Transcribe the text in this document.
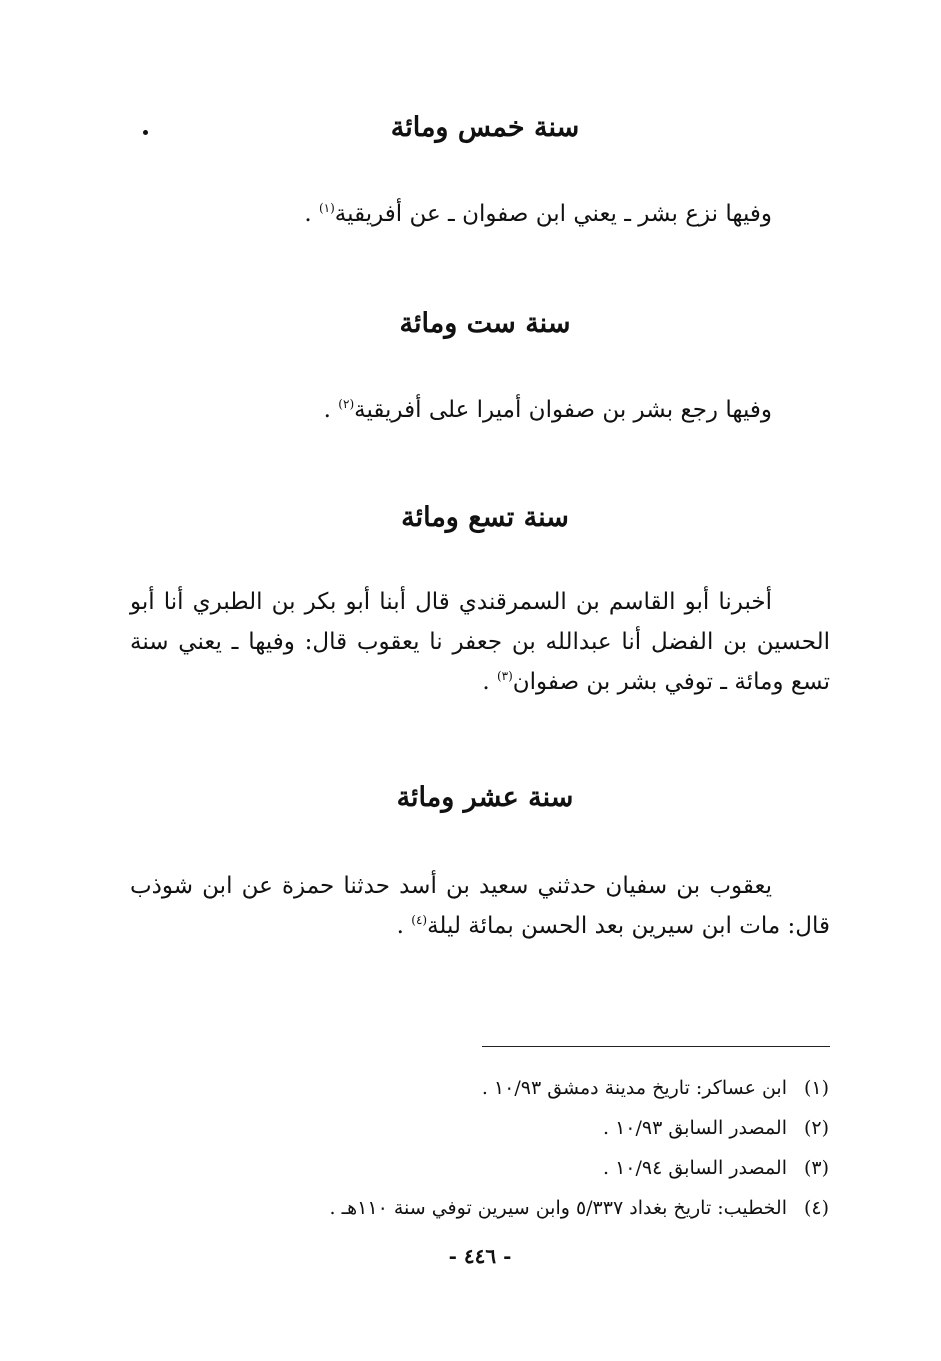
سنة خمس ومائة
وفيها نزع بشر ـ يعني ابن صفوان ـ عن أفريقية$^{(١)}$ .
سنة ست ومائة
وفيها رجع بشر بن صفوان أميرا على أفريقية$^{(٢)}$ .
سنة تسع ومائة
أخبرنا أبو القاسم بن السمرقندي قال أبنا أبو بكر بن الطبري أنا أبو الحسين بن الفضل أنا عبدالله بن جعفر نا يعقوب قال: وفيها ـ يعني سنة تسع ومائة ـ توفي بشر بن صفوان$^{(٣)}$ .
سنة عشر ومائة
يعقوب بن سفيان حدثني سعيد بن أسد حدثنا حمزة عن ابن شوذب قال: مات ابن سيرين بعد الحسن بمائة ليلة$^{(٤)}$ .
(١)ابن عساكر: تاريخ مدينة دمشق ١٠/٩٣ .
(٢)المصدر السابق ١٠/٩٣ .
(٣)المصدر السابق ١٠/٩٤ .
(٤)الخطيب: تاريخ بغداد ٥/٣٣٧ وابن سيرين توفي سنة ١١٠هـ .
- ٤٤٦ -
